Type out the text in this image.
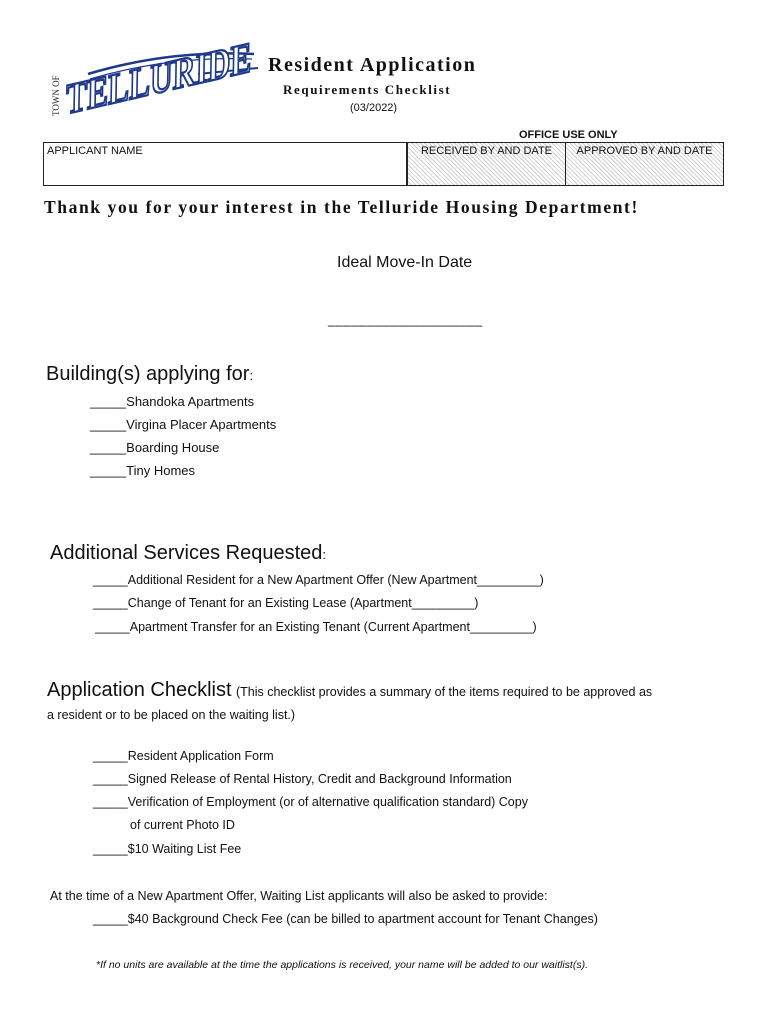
TOWN OF TELLURIDE
Resident Application
Requirements Checklist
(03/2022)
OFFICE USE ONLY
APPLICANT NAME	RECEIVED BY AND DATE	APPROVED BY AND DATE
Thank you for your interest in the Telluride Housing Department!
Ideal Move-In Date
____________________
Building(s) applying for:
_____Shandoka Apartments
_____Virgina Placer Apartments
_____Boarding House
_____Tiny Homes
Additional Services Requested:
_____Additional Resident for a New Apartment Offer (New Apartment_________)
_____Change of Tenant for an Existing Lease (Apartment_________)
_____Apartment Transfer for an Existing Tenant (Current Apartment_________)
Application Checklist (This checklist provides a summary of the items required to be approved as
a resident or to be placed on the waiting list.)
_____Resident Application Form
_____Signed Release of Rental History, Credit and Background Information
_____Verification of Employment (or of alternative qualification standard) Copy
of current Photo ID
_____$10 Waiting List Fee
At the time of a New Apartment Offer, Waiting List applicants will also be asked to provide:
_____$40 Background Check Fee (can be billed to apartment account for Tenant Changes)
*If no units are available at the time the applications is received, your name will be added to our waitlist(s).
